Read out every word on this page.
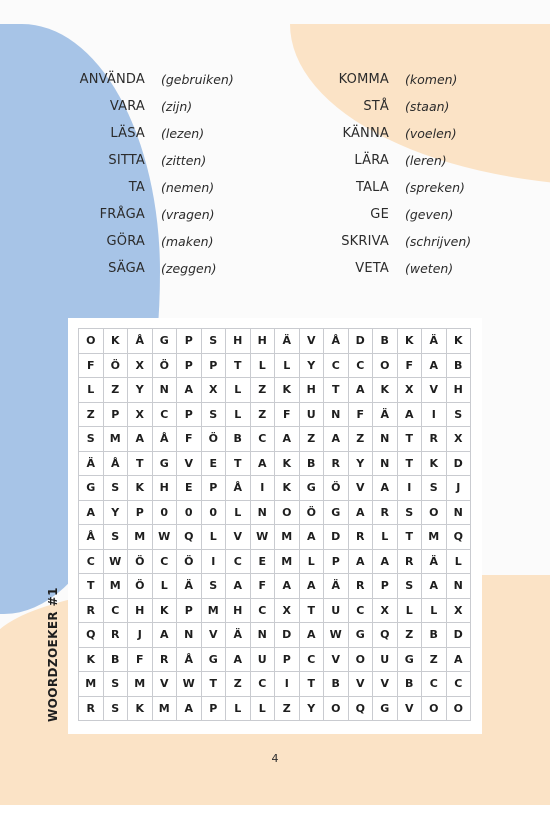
ANVÄNDA (gebruiken)
VARA (zijn)
LÄSA (lezen)
SITTA (zitten)
TA (nemen)
FRÅGA (vragen)
GÖRA (maken)
SÄGA (zeggen)
KOMMA (komen)
STÅ (staan)
KÄNNA (voelen)
LÄRA (leren)
TALA (spreken)
GE (geven)
SKRIVA (schrijven)
VETA (weten)
O	K	Å	G	P	S	H	H	Ä	V	Å	D	B	K	Ä	K
F	Ö	X	Ö	P	P	T	L	L	Y	C	C	O	F	A	B
L	Z	Y	N	A	X	L	Z	K	H	T	A	K	X	V	H
Z	P	X	C	P	S	L	Z	F	U	N	F	Ä	A	I	S
S	M	A	Å	F	Ö	B	C	A	Z	A	Z	N	T	R	X
Ä	Å	T	G	V	E	T	A	K	B	R	Y	N	T	K	D
G	S	K	H	E	P	Å	I	K	G	Ö	V	A	I	S	J
A	Y	P	0	0	0	L	N	O	Ö	G	A	R	S	O	N
Å	S	M	W	Q	L	V	W	M	A	D	R	L	T	M	Q
C	W	Ö	C	Ö	I	C	E	M	L	P	A	A	R	Ä	L
T	M	Ö	L	Ä	S	A	F	A	A	Ä	R	P	S	A	N
R	C	H	K	P	M	H	C	X	T	U	C	X	L	L	X
Q	R	J	A	N	V	Ä	N	D	A	W	G	Q	Z	B	D
K	B	F	R	Å	G	A	U	P	C	V	O	U	G	Z	A
M	S	M	V	W	T	Z	C	I	T	B	V	V	B	C	C
R	S	K	M	A	P	L	L	Z	Y	O	Q	G	V	O	O
WOORDZOEKER #1
4
